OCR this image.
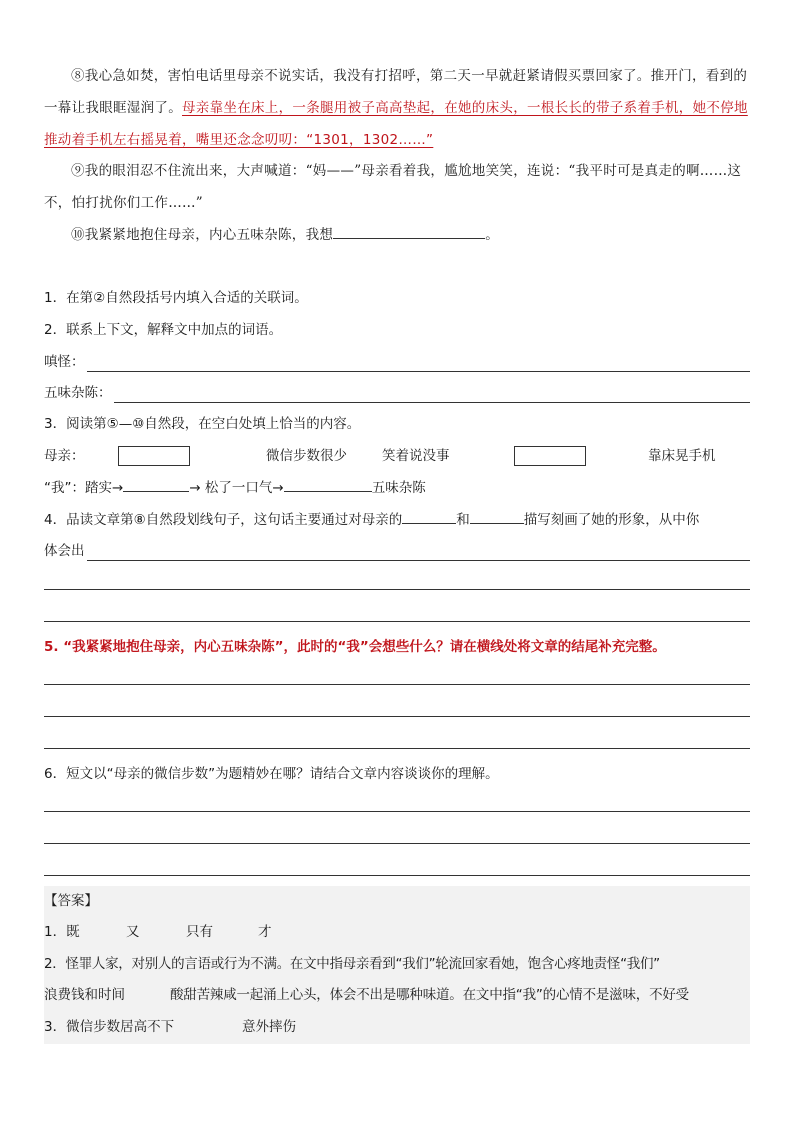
⑧我心急如焚，害怕电话里母亲不说实话，我没有打招呼，第二天一早就赶紧请假买票回家了。推开门，看到的一幕让我眼眶湿润了。母亲靠坐在床上，一条腿用被子高高垫起，在她的床头，一根长长的带子系着手机，她不停地推动着手机左右摇晃着，嘴里还念念叨叨：“1301，1302……”

⑨我的眼泪忍不住流出来，大声喊道：“妈——”母亲看着我，尴尬地笑笑，连说：“我平时可是真走的啊……这不，怕打扰你们工作……”

⑩我紧紧地抱住母亲，内心五味杂陈，我想	。

1．在第②自然段括号内填入合适的关联词。
2．联系上下文，解释文中加点的词语。
嗔怪：
五味杂陈：
3．阅读第⑤—⑩自然段，在空白处填上恰当的内容。
母亲：	微信步数很少	笑着说没事	靠床晃手机
“我”：踏实→	→ 松了一口气→	五味杂陈
4．品读文章第⑧自然段划线句子，这句话主要通过对母亲的	和	描写刻画了她的形象，从中你
体会出
5. “我紧紧地抱住母亲，内心五味杂陈”，此时的“我”会想些什么？请在横线处将文章的结尾补充完整。
6．短文以“母亲的微信步数”为题精妙在哪？请结合文章内容谈谈你的理解。
【答案】
1．既	又	只有	才
2．怪罪人家，对别人的言语或行为不满。在文中指母亲看到“我们”轮流回家看她，饱含心疼地责怪“我们”
浪费钱和时间	酸甜苦辣咸一起涌上心头，体会不出是哪种味道。在文中指“我”的心情不是滋味，不好受
3．微信步数居高不下	意外摔伤
